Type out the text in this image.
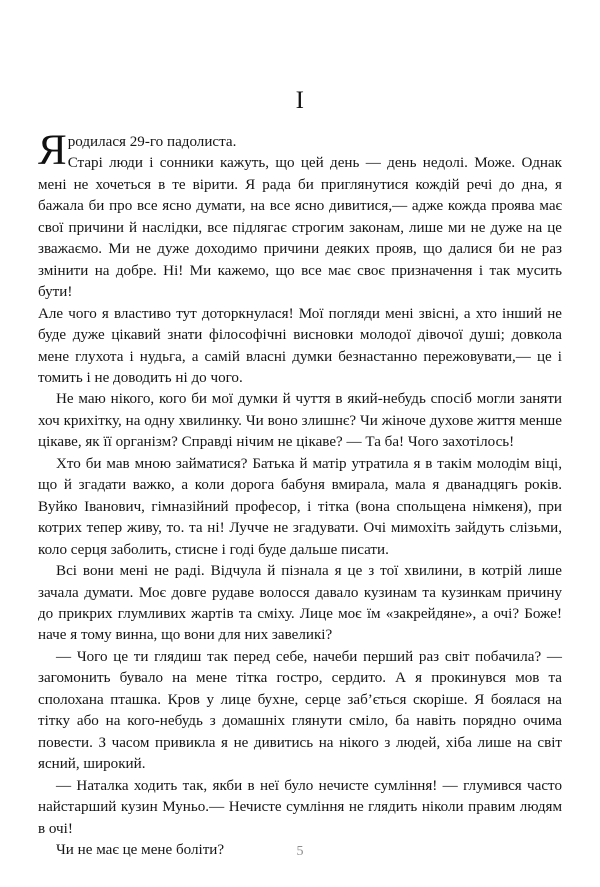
I

Яродилася 29-го падолиста.

Старі люди і сонники кажуть, що цей день — день недолі. Може. Однак мені не хочеться в те вірити. Я рада би приглянутися кождій речі до дна, я бажала би про все ясно думати, на все ясно дивитися,— адже кожда проява має свої причини й наслідки, все підлягає строгим законам, лише ми не дуже на це зважаємо. Ми не дуже доходимо причини деяких прояв, що далися би не раз змінити на добре. Ні! Ми кажемо, що все має своє призначення і так мусить бути!

Але чого я властиво тут доторкнулася! Мої погляди мені звісні, а хто інший не буде дуже цікавий знати філософічні висновки молодої дівочої душі; довкола мене глухота і нудьга, а самій власні думки безнастанно пережовувати,— це і томить і не доводить ні до чого.

Не маю нікого, кого би мої думки й чуття в який-небудь спосіб могли заняти хоч крихітку, на одну хвилинку. Чи воно злишнє? Чи жіноче духове життя менше цікаве, як її організм? Справді нічим не цікаве? — Та ба! Чого захотілось!

Хто би мав мною займатися? Батька й матір утратила я в такім молодім віці, що й згадати важко, а коли дорога бабуня вмирала, мала я дванадцягь років. Вуйко Іванович, гімназійний професор, і тітка (вона спольщена німкеня), при котрих тепер живу, то. та ні! Лучче не згадувати. Очі мимохіть зайдуть слізьми, коло серця заболить, стисне і годі буде дальше писати.

Всі вони мені не раді. Відчула й пізнала я це з тої хвилини, в котрій лише зачала думати. Моє довге рудаве волосся давало кузинам та кузинкам причину до прикрих глумливих жартів та сміху. Лице моє їм «закрейдяне», а очі? Боже! наче я тому винна, що вони для них завеликі?

— Чого це ти глядиш так перед себе, начеби перший раз світ побачила? — загомонить бувало на мене тітка гостро, сердито. А я прокинувся мов та сполохана пташка. Кров у лице бухне, серце заб’ється скоріше. Я боялася на тітку або на кого-небудь з домашніх глянути сміло, ба навіть порядно очима повести. З часом привикла я не дивитись на нікого з людей, хіба лише на світ ясний, широкий.

— Наталка ходить так, якби в неї було нечисте сумління! — глумився часто найстарший кузин Муньо.— Нечисте сумління не глядить ніколи правим людям в очі!

Чи не має це мене боліти?	5
